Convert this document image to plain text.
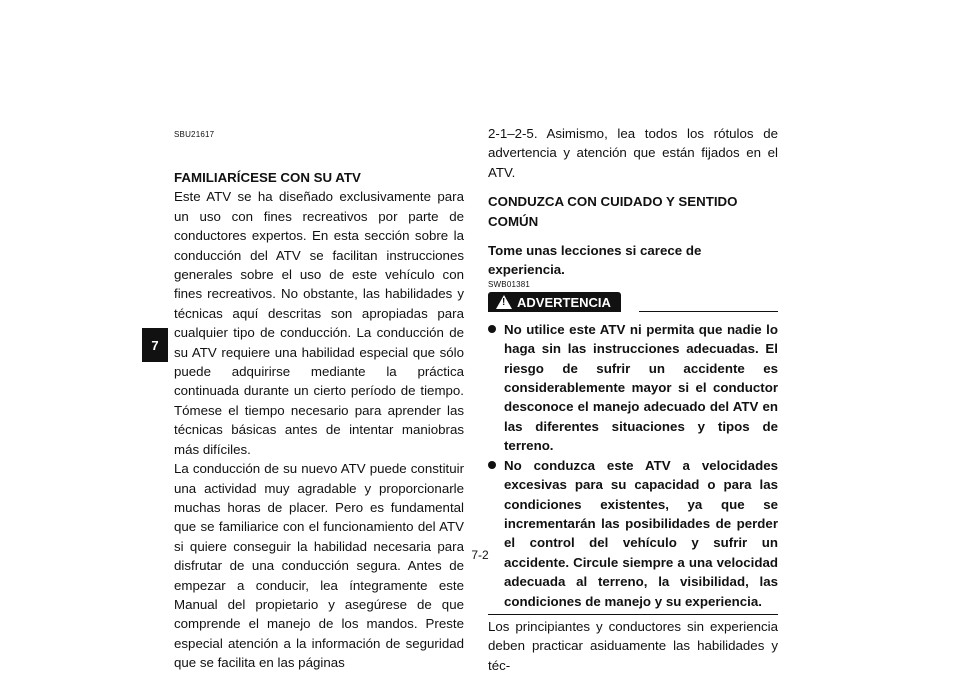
7
SBU21617

FAMILIARÍCESE CON SU ATV

Este ATV se ha diseñado exclusivamente para un uso con fines recreativos por parte de conductores expertos. En esta sección sobre la conducción del ATV se facilitan instrucciones generales sobre el uso de este vehículo con fines recreativos. No obstante, las habilidades y técnicas aquí descritas son apropiadas para cualquier tipo de conducción. La conducción de su ATV requiere una habilidad especial que sólo puede adquirirse mediante la práctica continuada durante un cierto período de tiempo. Tómese el tiempo necesario para aprender las técnicas básicas antes de intentar maniobras más difíciles.

La conducción de su nuevo ATV puede constituir una actividad muy agradable y proporcionarle muchas horas de placer. Pero es fundamental que se familiarice con el funcionamiento del ATV si quiere conseguir la habilidad necesaria para disfrutar de una conducción segura. Antes de empezar a conducir, lea íntegramente este Manual del propietario y asegúrese de que comprende el manejo de los mandos. Preste especial atención a la información de seguridad que se facilita en las páginas

2-1–2-5. Asimismo, lea todos los rótulos de advertencia y atención que están fijados en el ATV.

CONDUZCA CON CUIDADO Y SENTIDO COMÚN

Tome unas lecciones si carece de experiencia.

SWB01381
! ADVERTENCIA
No utilice este ATV ni permita que nadie lo haga sin las instrucciones adecuadas. El riesgo de sufrir un accidente es considerablemente mayor si el conductor desconoce el manejo adecuado del ATV en las diferentes situaciones y tipos de terreno.
No conduzca este ATV a velocidades excesivas para su capacidad o para las condiciones existentes, ya que se incrementarán las posibilidades de perder el control del vehículo y sufrir un accidente. Circule siempre a una velocidad adecuada al terreno, la visibilidad, las condiciones de manejo y su experiencia.

Los principiantes y conductores sin experiencia deben practicar asiduamente las habilidades y téc-

7-2
